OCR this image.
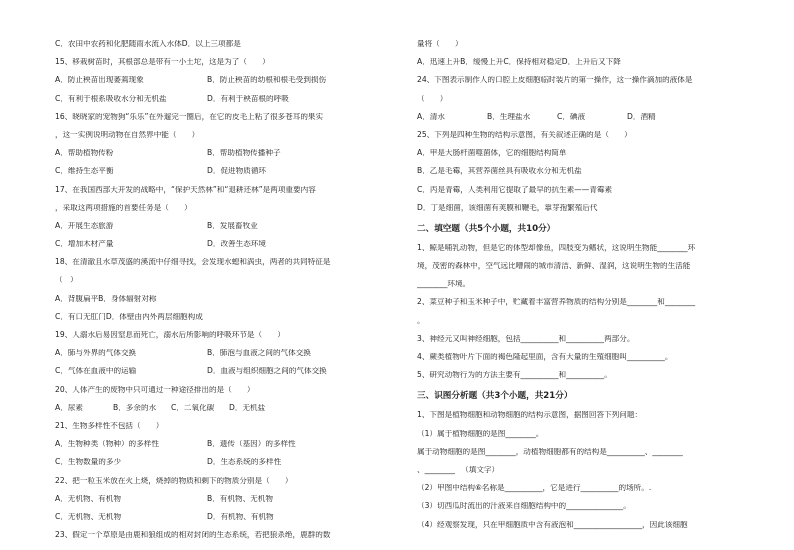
C．农田中农药和化肥随雨水流入水体D．以上三项都是
15、移栽树苗时，其根部总是带有一小土坨，这是为了（　　）
A．防止秧苗出现萎蔫现象	B．防止秧苗的幼根和根毛受到损伤
C．有利于根系吸收水分和无机盐	D．有利于秧苗根的呼吸
16、晓晓家的宠物狗“乐乐”在外遛完一圈后，在它的皮毛上粘了很多苍耳的果实
，这一实例说明动物在自然界中能（　　）
A．帮助植物传粉	B．帮助植物传播种子
C．维持生态平衡	D．促进物质循环
17、在我国西部大开发的战略中，“保护天然林”和“退耕还林”是两项重要内容
，采取这两项措施的首要任务是（　　）
A．开展生态旅游	B．发展畜牧业
C．增加木材产量	D．改善生态环境
18、在清澈且水草茂盛的溪流中仔细寻找，会发现水螅和涡虫，两者的共同特征是
（　）
A．背腹扁平B．身体辐射对称
C．有口无肛门D．体壁由内外两层细胞构成
19、人溺水后易因窒息而死亡，溺水后所影响的呼吸环节是（　　）
A．肺与外界的气体交换	B．肺泡与血液之间的气体交换
C．气体在血液中的运输	D．血液与组织细胞之间的气体交换
20、人体产生的废物中只可通过一种途径排出的是（　　）
A．尿素	B．多余的水	C．二氧化碳	D．无机盐
21、生物多样性不包括（　　）
A．生物种类（物种）的多样性	B．遗传（基因）的多样性
C．生物数量的多少	D．生态系统的多样性
22、把一粒玉米放在火上烧，烧掉的物质和剩下的物质分别是（　　）
A．无机物、有机物	B．有机物、无机物
C．无机物、无机物	D．有机物、有机物
23、假定一个草原是由鹿和狼组成的相对封闭的生态系统，若把狼杀绝，鹿群的数
量将（　　）
A．迅速上升B．缓慢上升C．保持相对稳定D．上升后又下降
24、下图表示制作人的口腔上皮细胞临时装片的第一操作，这一操作滴加的液体是
（　　）
A．清水	B．生理盐水	C．碘液	D．酒精
25、下列是四种生物的结构示意图，有关叙述正确的是（　　）
A．甲是大肠杆菌噬菌体，它的细胞结构简单
B．乙是毛霉，其营养菌丝具有吸收水分和无机盐
C．丙是青霉，人类利用它提取了最早的抗生素——青霉素
D．丁是细菌，该细菌有荚膜和鞭毛，靠芽孢繁殖后代
二、填空题（共5个小题，共10分）
1、鲸是哺乳动物，但是它的体型却像鱼，四肢变为鳍状，这说明生物能________环
境，茂密的森林中，空气远比嘈闹的城市清洁、新鲜、湿润，这说明生物的生活能
________环境。
2、菜豆种子和玉米种子中，贮藏着丰富营养物质的结构分别是________和________
。
3、神经元又叫神经细胞，包括__________和__________两部分。
4、蕨类植物叶片下面的褐色隆起里面，含有大量的生殖细胞叫__________。
5、研究动物行为的方法主要有__________和__________。
三、识图分析题（共3个小题，共21分）
1、下图是植物细胞和动物细胞的结构示意图，据图回答下列问题：
（1）属于植物细胞的是图________。
属于动物细胞的是图________，动植物细胞都有的结构是__________、________
、________ 　（填文字）
（2）甲图中结构⑥名称是__________，它是进行__________的场所。.
（3）切西瓜时流出的汁液来自细胞结构中的_______________。
（4）经观察发现，只在甲细胞质中含有液泡和__________________，因此该细胞
